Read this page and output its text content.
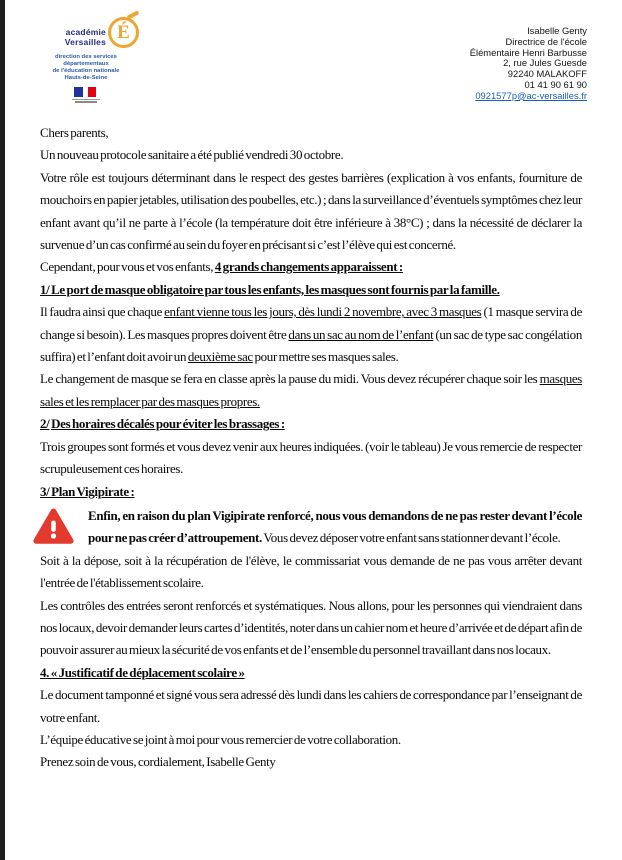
académie
Versailles É
direction des services
départementaux
de l'éducation nationale
Hauts-de-Seine
Isabelle Genty
Directrice de l'école
Élémentaire Henri Barbusse
2, rue Jules Guesde
92240 MALAKOFF
01 41 90 61 90
0921577p@ac-versailles.fr

Chers parents,

Un nouveau protocole sanitaire a été publié vendredi 30 octobre.

Votre rôle est toujours déterminant dans le respect des gestes barrières (explication à vos enfants, fourniture de mouchoirs en papier jetables, utilisation des poubelles, etc.) ; dans la surveillance d’éventuels symptômes chez leur enfant avant qu’il ne parte à l’école (la température doit être inférieure à 38°C) ; dans la nécessité de déclarer la survenue d’un cas confirmé au sein du foyer en précisant si c’est l’élève qui est concerné.

Cependant, pour vous et vos enfants, 4 grands changements apparaissent :

1/ Le port de masque obligatoire par tous les enfants, les masques sont fournis par la famille.

Il faudra ainsi que chaque enfant vienne tous les jours, dès lundi 2 novembre, avec 3 masques (1 masque servira de change si besoin). Les masques propres doivent être dans un sac au nom de l’enfant (un sac de type sac congélation suffira) et l’enfant doit avoir un deuxième sac pour mettre ses masques sales.

Le changement de masque se fera en classe après la pause du midi. Vous devez récupérer chaque soir les masques sales et les remplacer par des masques propres.

2/ Des horaires décalés pour éviter les brassages :

Trois groupes sont formés et vous devez venir aux heures indiquées. (voir le tableau) Je vous remercie de respecter scrupuleusement ces horaires.

3/ Plan Vigipirate :

Enfin, en raison du plan Vigipirate renforcé, nous vous demandons de ne pas rester devant l’école pour ne pas créer d’attroupement. Vous devez déposer votre enfant sans stationner devant l’école.

Soit à la dépose, soit à la récupération de l'élève, le commissariat vous demande de ne pas vous arrêter devant l'entrée de l'établissement scolaire.

Les contrôles des entrées seront renforcés et systématiques. Nous allons, pour les personnes qui viendraient dans nos locaux, devoir demander leurs cartes d’identités, noter dans un cahier nom et heure d’arrivée et de départ afin de pouvoir assurer au mieux la sécurité de vos enfants et de l’ensemble du personnel travaillant dans nos locaux.

4. « Justificatif de déplacement scolaire »

Le document tamponné et signé vous sera adressé dès lundi dans les cahiers de correspondance par l’enseignant de votre enfant.

L’équipe éducative se joint à moi pour vous remercier de votre collaboration.

Prenez soin de vous, cordialement, Isabelle Genty
